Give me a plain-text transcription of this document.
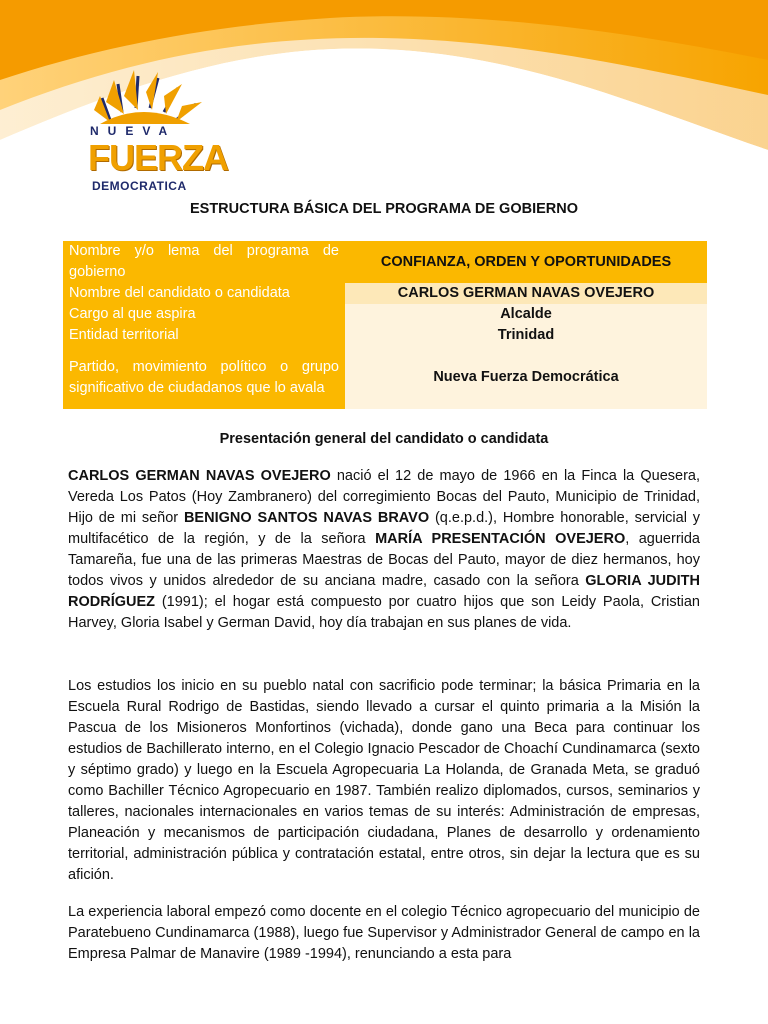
NUEVA
FUERZA
DEMOCRATICA
ESTRUCTURA BÁSICA DEL PROGRAMA DE GOBIERNO
Nombre y/o lema del programa de gobierno	CONFIANZA, ORDEN Y OPORTUNIDADES
Nombre del candidato o candidata	CARLOS GERMAN NAVAS OVEJERO
Cargo al que aspira	Alcalde
Entidad territorial	Trinidad
Partido, movimiento político o grupo significativo de ciudadanos que lo avala	Nueva Fuerza Democrática
Presentación general del candidato o candidata

CARLOS GERMAN NAVAS OVEJERO nació el 12 de mayo de 1966 en la Finca la Quesera, Vereda Los Patos (Hoy Zambranero) del corregimiento Bocas del Pauto, Municipio de Trinidad, Hijo de mi señor BENIGNO SANTOS NAVAS BRAVO (q.e.p.d.), Hombre honorable, servicial y multifacético de la región, y de la señora MARÍA PRESENTACIÓN OVEJERO, aguerrida Tamareña, fue una de las primeras Maestras de Bocas del Pauto, mayor de diez hermanos, hoy todos vivos y unidos alrededor de su anciana madre, casado con la señora GLORIA JUDITH RODRÍGUEZ (1991); el hogar está compuesto por cuatro hijos que son Leidy Paola, Cristian Harvey, Gloria Isabel y German David, hoy día trabajan en sus planes de vida.

Los estudios los inicio en su pueblo natal con sacrificio pode terminar; la básica Primaria en la Escuela Rural Rodrigo de Bastidas, siendo llevado a cursar el quinto primaria a la Misión la Pascua de los Misioneros Monfortinos (vichada), donde gano una Beca para continuar los estudios de Bachillerato interno, en el Colegio Ignacio Pescador de Choachí Cundinamarca (sexto y séptimo grado) y luego en la Escuela Agropecuaria La Holanda, de Granada Meta, se graduó como Bachiller Técnico Agropecuario en 1987. También realizo diplomados, cursos, seminarios y talleres, nacionales internacionales en varios temas de su interés: Administración de empresas, Planeación y mecanismos de participación ciudadana, Planes de desarrollo y ordenamiento territorial, administración pública y contratación estatal, entre otros, sin dejar la lectura que es su afición.

La experiencia laboral empezó como docente en el colegio Técnico agropecuario del municipio de Paratebueno Cundinamarca (1988), luego fue Supervisor y Administrador General de campo en la Empresa Palmar de Manavire (1989 -1994), renunciando a esta para
